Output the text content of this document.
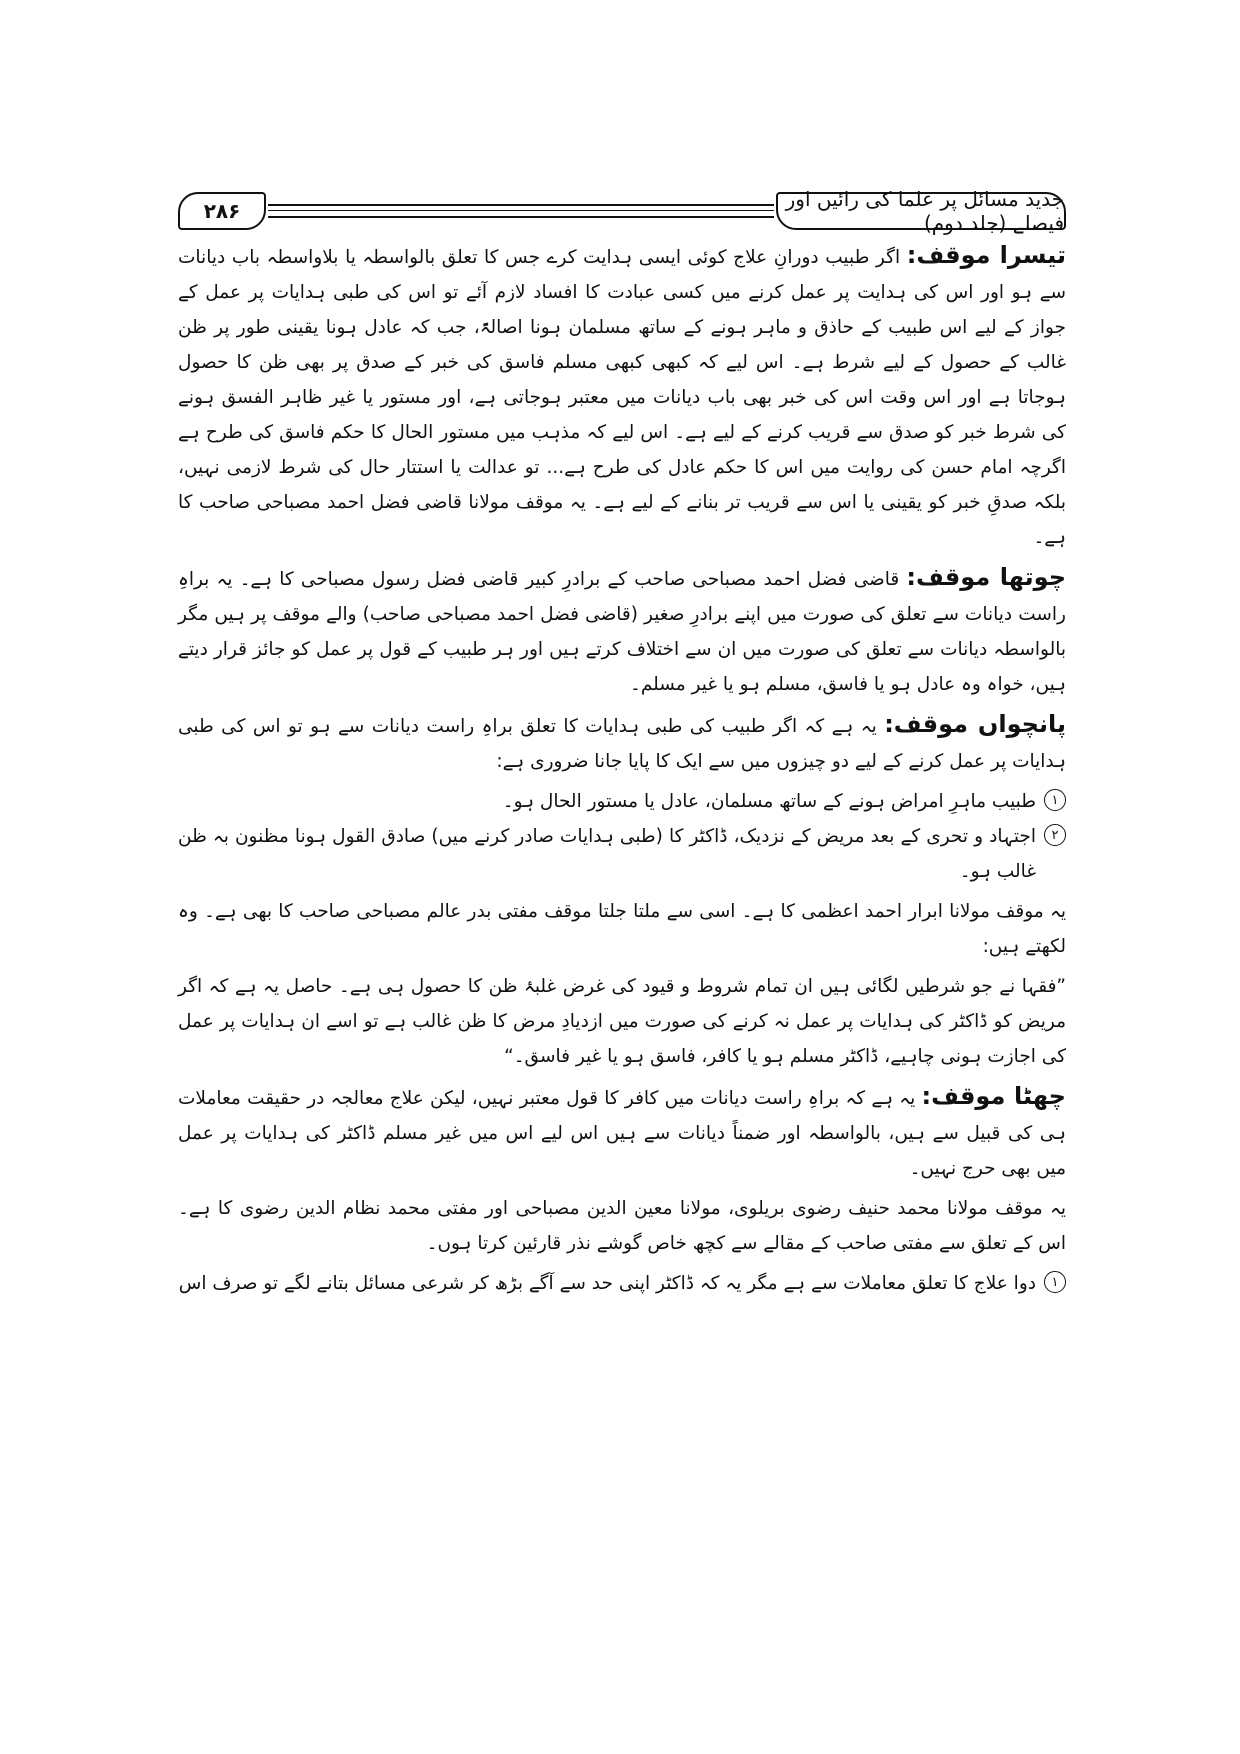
۲۸۶	جدید مسائل پر علما کی رائیں اور فیصلے (جلد دوم)

تیسرا موقف: اگر طبیب دورانِ علاج کوئی ایسی ہدایت کرے جس کا تعلق بالواسطہ یا بلاواسطہ باب دیانات سے ہو اور اس کی ہدایت پر عمل کرنے میں کسی عبادت کا افساد لازم آئے تو اس کی طبی ہدایات پر عمل کے جواز کے لیے اس طبیب کے حاذق و ماہر ہونے کے ساتھ مسلمان ہونا اصالۃً، جب کہ عادل ہونا یقینی طور پر ظن غالب کے حصول کے لیے شرط ہے۔ اس لیے کہ کبھی کبھی مسلم فاسق کی خبر کے صدق پر بھی ظن کا حصول ہوجاتا ہے اور اس وقت اس کی خبر بھی باب دیانات میں معتبر ہوجاتی ہے، اور مستور یا غیر ظاہر الفسق ہونے کی شرط خبر کو صدق سے قریب کرنے کے لیے ہے۔ اس لیے کہ مذہب میں مستور الحال کا حکم فاسق کی طرح ہے اگرچہ امام حسن کی روایت میں اس کا حکم عادل کی طرح ہے... تو عدالت یا استتار حال کی شرط لازمی نہیں، بلکہ صدقِ خبر کو یقینی یا اس سے قریب تر بنانے کے لیے ہے۔ یہ موقف مولانا قاضی فضل احمد مصباحی صاحب کا ہے۔

چوتھا موقف: قاضی فضل احمد مصباحی صاحب کے برادرِ کبیر قاضی فضل رسول مصباحی کا ہے۔ یہ براہِ راست دیانات سے تعلق کی صورت میں اپنے برادرِ صغیر (قاضی فضل احمد مصباحی صاحب) والے موقف پر ہیں مگر بالواسطہ دیانات سے تعلق کی صورت میں ان سے اختلاف کرتے ہیں اور ہر طبیب کے قول پر عمل کو جائز قرار دیتے ہیں، خواہ وہ عادل ہو یا فاسق، مسلم ہو یا غیر مسلم۔

پانچواں موقف: یہ ہے کہ اگر طبیب کی طبی ہدایات کا تعلق براہِ راست دیانات سے ہو تو اس کی طبی ہدایات پر عمل کرنے کے لیے دو چیزوں میں سے ایک کا پایا جانا ضروری ہے:

۱
طبیب ماہرِ امراض ہونے کے ساتھ مسلمان، عادل یا مستور الحال ہو۔
۲
اجتہاد و تحری کے بعد مریض کے نزدیک، ڈاکٹر کا (طبی ہدایات صادر کرنے میں) صادق القول ہونا مظنون بہ ظن غالب ہو۔

یہ موقف مولانا ابرار احمد اعظمی کا ہے۔ اسی سے ملتا جلتا موقف مفتی بدر عالم مصباحی صاحب کا بھی ہے۔ وہ لکھتے ہیں:

”فقہا نے جو شرطیں لگائی ہیں ان تمام شروط و قیود کی غرض غلبۂ ظن کا حصول ہی ہے۔ حاصل یہ ہے کہ اگر مریض کو ڈاکٹر کی ہدایات پر عمل نہ کرنے کی صورت میں ازدیادِ مرض کا ظن غالب ہے تو اسے ان ہدایات پر عمل کی اجازت ہونی چاہیے، ڈاکٹر مسلم ہو یا کافر، فاسق ہو یا غیر فاسق۔“

چھٹا موقف: یہ ہے کہ براہِ راست دیانات میں کافر کا قول معتبر نہیں، لیکن علاج معالجہ در حقیقت معاملات ہی کی قبیل سے ہیں، بالواسطہ اور ضمناً دیانات سے ہیں اس لیے اس میں غیر مسلم ڈاکٹر کی ہدایات پر عمل میں بھی حرج نہیں۔

یہ موقف مولانا محمد حنیف رضوی بریلوی، مولانا معین الدین مصباحی اور مفتی محمد نظام الدین رضوی کا ہے۔ اس کے تعلق سے مفتی صاحب کے مقالے سے کچھ خاص گوشے نذر قارئین کرتا ہوں۔

۱
دوا علاج کا تعلق معاملات سے ہے مگر یہ کہ ڈاکٹر اپنی حد سے آگے بڑھ کر شرعی مسائل بتانے لگے تو صرف اس
